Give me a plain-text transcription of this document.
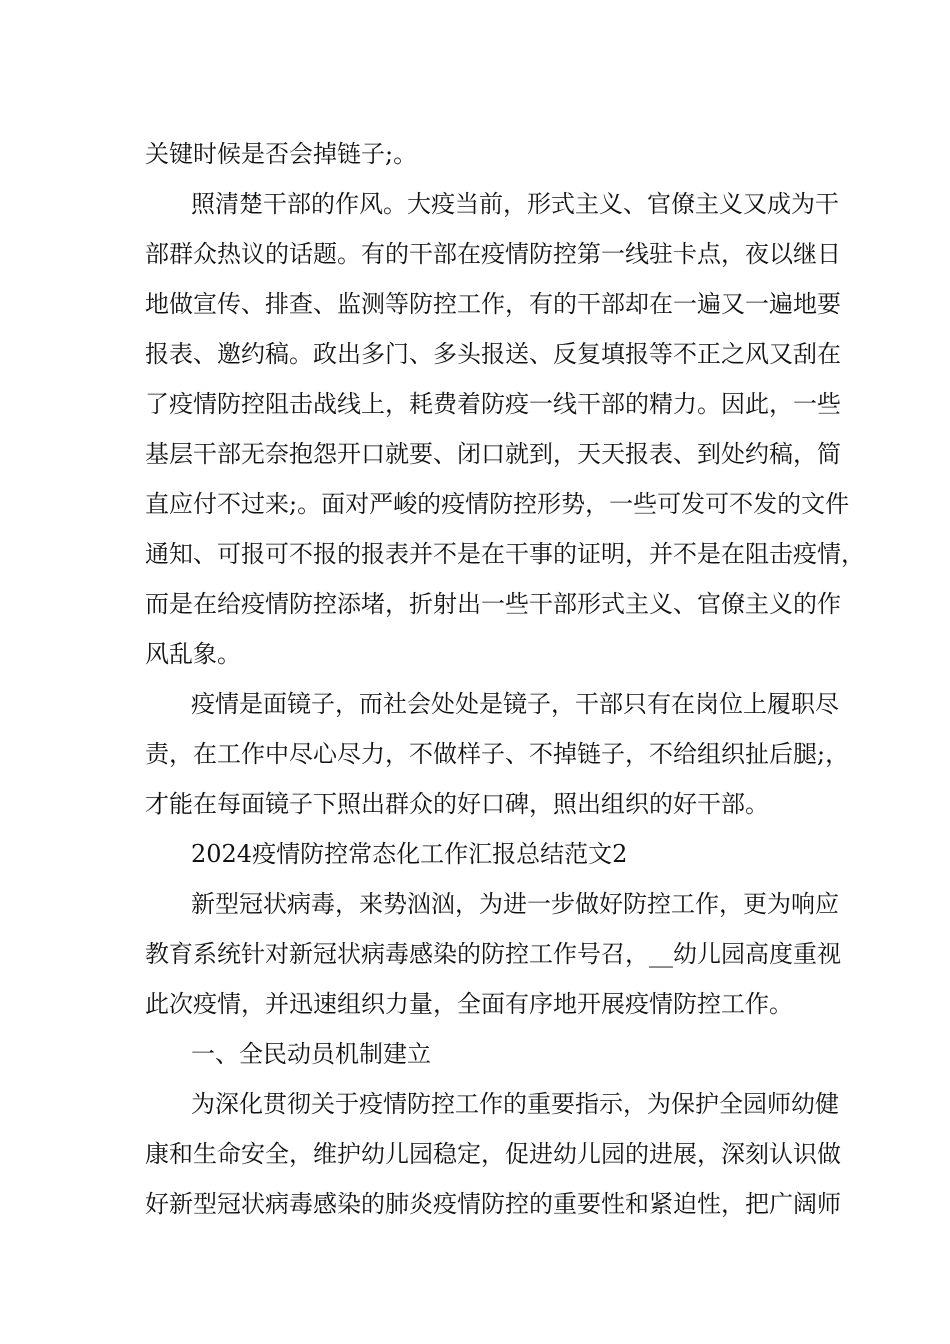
关键时候是否会掉链子;。
照清楚干部的作风。大疫当前，形式主义、官僚主义又成为干
部群众热议的话题。有的干部在疫情防控第一线驻卡点，夜以继日
地做宣传、排查、监测等防控工作，有的干部却在一遍又一遍地要
报表、邀约稿。政出多门、多头报送、反复填报等不正之风又刮在
了疫情防控阻击战线上，耗费着防疫一线干部的精力。因此，一些
基层干部无奈抱怨开口就要、闭口就到，天天报表、到处约稿，简
直应付不过来;。面对严峻的疫情防控形势，一些可发可不发的文件
通知、可报可不报的报表并不是在干事的证明，并不是在阻击疫情，
而是在给疫情防控添堵，折射出一些干部形式主义、官僚主义的作
风乱象。
疫情是面镜子，而社会处处是镜子，干部只有在岗位上履职尽
责，在工作中尽心尽力，不做样子、不掉链子，不给组织扯后腿;，
才能在每面镜子下照出群众的好口碑，照出组织的好干部。
2024疫情防控常态化工作汇报总结范文2
新型冠状病毒，来势汹汹，为进一步做好防控工作，更为响应
教育系统针对新冠状病毒感染的防控工作号召，__幼儿园高度重视
此次疫情，并迅速组织力量，全面有序地开展疫情防控工作。
一、全民动员机制建立
为深化贯彻关于疫情防控工作的重要指示，为保护全园师幼健
康和生命安全，维护幼儿园稳定，促进幼儿园的进展，深刻认识做
好新型冠状病毒感染的肺炎疫情防控的重要性和紧迫性，把广阔师
